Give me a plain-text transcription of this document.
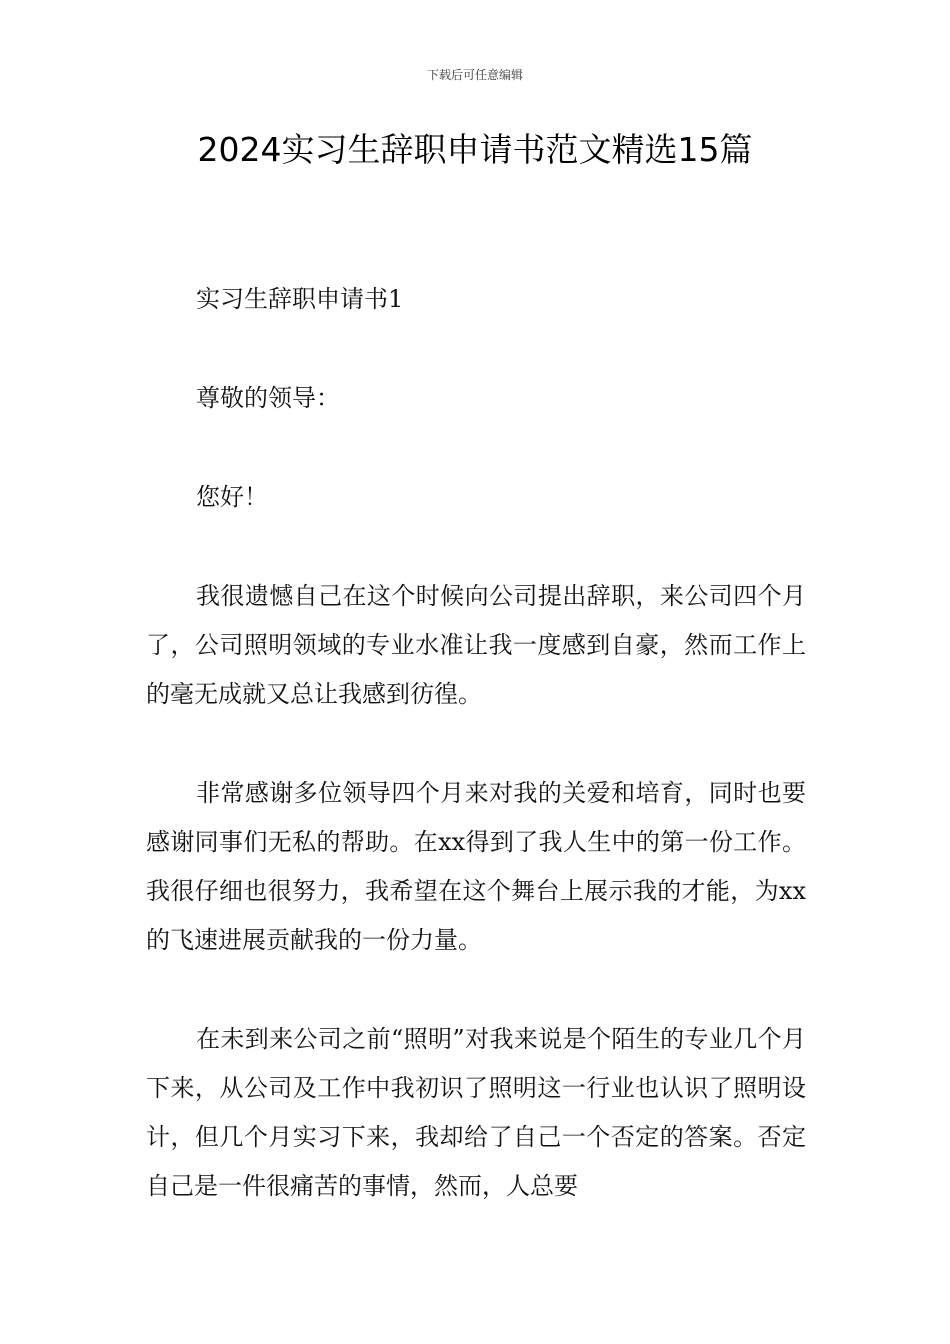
下载后可任意编辑
2024实习生辞职申请书范文精选15篇

实习生辞职申请书1

尊敬的领导：

您好！

我很遗憾自己在这个时候向公司提出辞职，来公司四个月了，公司照明领域的专业水准让我一度感到自豪，然而工作上的毫无成就又总让我感到彷徨。

非常感谢多位领导四个月来对我的关爱和培育，同时也要感谢同事们无私的帮助。在xx得到了我人生中的第一份工作。我很仔细也很努力，我希望在这个舞台上展示我的才能，为xx的飞速进展贡献我的一份力量。

在未到来公司之前“照明”对我来说是个陌生的专业几个月下来，从公司及工作中我初识了照明这一行业也认识了照明设计，但几个月实习下来，我却给了自己一个否定的答案。否定自己是一件很痛苦的事情，然而，人总要
